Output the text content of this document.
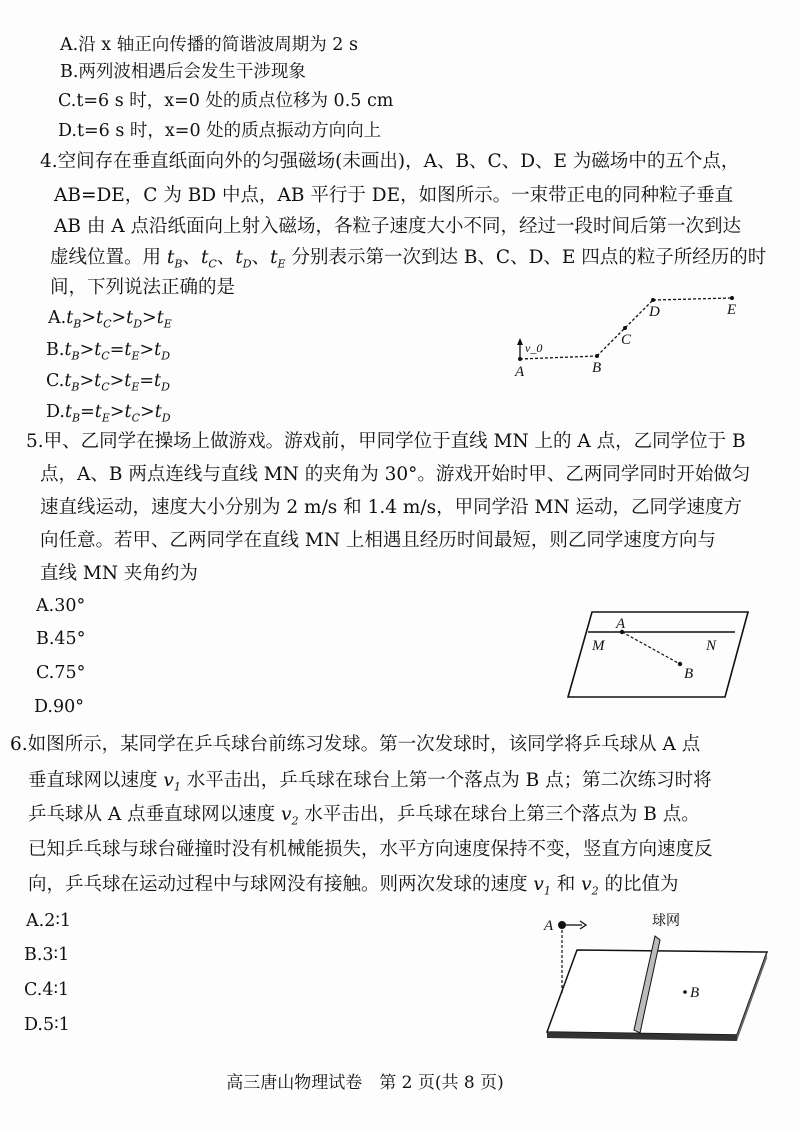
A.沿 x 轴正向传播的简谐波周期为 2 s
B.两列波相遇后会发生干涉现象
C.t=6 s 时，x=0 处的质点位移为 0.5 cm
D.t=6 s 时，x=0 处的质点振动方向向上
4.空间存在垂直纸面向外的匀强磁场(未画出)，A、B、C、D、E 为磁场中的五个点，
AB=DE，C 为 BD 中点，AB 平行于 DE，如图所示。一束带正电的同种粒子垂直
AB 由 A 点沿纸面向上射入磁场，各粒子速度大小不同，经过一段时间后第一次到达
虚线位置。用 $t_B$、$t_C$、$t_D$、$t_E$ 分别表示第一次到达 B、C、D、E 四点的粒子所经历的时
间，下列说法正确的是
$A.t_B>t_C>t_D>t_E$
$B.t_B>t_C=t_E>t_D$
$C.t_B>t_C>t_E=t_D$
$D.t_B=t_E>t_C>t_D$
A	B
C
D	E
v_0
5.甲、乙同学在操场上做游戏。游戏前，甲同学位于直线 MN 上的 A 点，乙同学位于 B
点，A、B 两点连线与直线 MN 的夹角为 30°。游戏开始时甲、乙两同学同时开始做匀
速直线运动，速度大小分别为 2 m/s 和 1.4 m/s，甲同学沿 MN 运动，乙同学速度方
向任意。若甲、乙两同学在直线 MN 上相遇且经历时间最短，则乙同学速度方向与
直线 MN 夹角约为
A.30°
B.45°
C.75°
D.90°
A
M	N
B
6.如图所示，某同学在乒乓球台前练习发球。第一次发球时，该同学将乒乓球从 A 点
垂直球网以速度 $v_1$ 水平击出，乒乓球在球台上第一个落点为 B 点；第二次练习时将
乒乓球从 A 点垂直球网以速度 $v_2$ 水平击出，乒乓球在球台上第三个落点为 B 点。
已知乒乓球与球台碰撞时没有机械能损失，水平方向速度保持不变，竖直方向速度反
向，乒乓球在运动过程中与球网没有接触。则两次发球的速度 $v_1$ 和 $v_2$ 的比值为
A.2∶1
B.3∶1
C.4∶1
D.5∶1
A
B
球网
高三唐山物理试卷　第 2 页(共 8 页)
